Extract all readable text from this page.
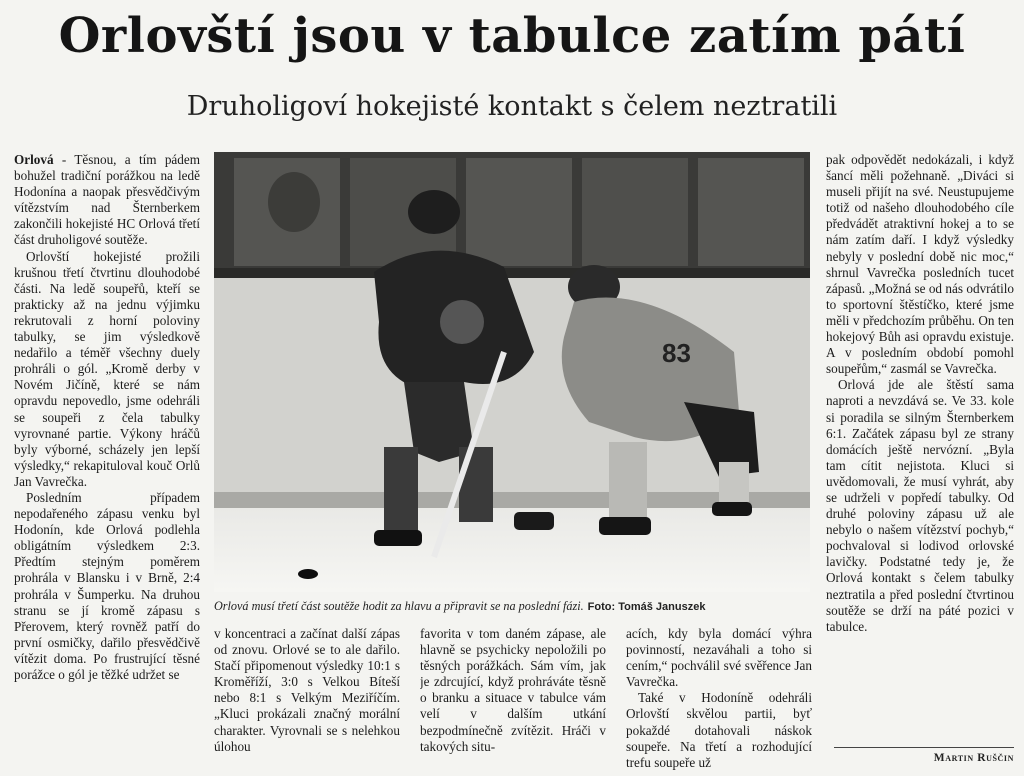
Orlovští jsou v tabulce zatím pátí
Druholigoví hokejisté kontakt s čelem neztratili

Orlová - Těsnou, a tím pádem bohužel tradiční porážkou na ledě Hodonína a naopak přesvědčivým vítězstvím nad Šternberkem zakončili hokejisté HC Orlová třetí část druholigové soutěže.

Orlovští hokejisté prožili krušnou třetí čtvrtinu dlouhodobé části. Na ledě soupeřů, kteří se prakticky až na jednu výjimku rekrutovali z horní poloviny tabulky, se jim výsledkově nedařilo a téměř všechny duely prohráli o gól. „Kromě derby v Novém Jičíně, které se nám opravdu nepovedlo, jsme odehráli se soupeři z čela tabulky vyrovnané partie. Výkony hráčů byly výborné, scházely jen lepší výsledky,“ rekapituloval kouč Orlů Jan Vavrečka.

Posledním případem nepodařeného zápasu venku byl Hodonín, kde Orlová podlehla obligátním výsledkem 2:3. Předtím stejným poměrem prohrála v Blansku i v Brně, 2:4 prohrála v Šumperku. Na druhou stranu se jí kromě zápasu s Přerovem, který rovněž patří do první osmičky, dařilo přesvědčivě vítězit doma. Po frustrující těsné porážce o gól je těžké udržet se

83
Orlová musí třetí část soutěže hodit za hlavu a připravit se na poslední fázi. Foto: Tomáš Januszek

v koncentraci a začínat další zápas od znovu. Orlové se to ale dařilo. Stačí připomenout výsledky 10:1 s Kroměříží, 3:0 s Velkou Bíteší nebo 8:1 s Velkým Meziříčím. „Kluci prokázali značný morální charakter. Vyrovnali se s nelehkou úlohou

favorita v tom daném zápase, ale hlavně se psychicky nepoložili po těsných porážkách. Sám vím, jak je zdrcující, když prohráváte těsně o branku a situace v tabulce vám velí v dalším utkání bezpodmínečně zvítězit. Hráči v takových situ-

acích, kdy byla domácí výhra povinností, nezaváhali a toho si cením,“ pochválil své svěřence Jan Vavrečka.

Také v Hodoníně odehráli Orlovští skvělou partii, byť pokaždé dotahovali náskok soupeře. Na třetí a rozhodující trefu soupeře už

pak odpovědět nedokázali, i když šancí měli požehnaně. „Diváci si museli přijít na své. Neustupujeme totiž od našeho dlouhodobého cíle předvádět atraktivní hokej a to se nám zatím daří. I když výsledky nebyly v poslední době nic moc,“ shrnul Vavrečka posledních tucet zápasů. „Možná se od nás odvrátilo to sportovní štěstíčko, které jsme měli v předchozím průběhu. On ten hokejový Bůh asi opravdu existuje. A v posledním období pomohl soupeřům,“ zasmál se Vavrečka.

Orlová jde ale štěstí sama naproti a nevzdává se. Ve 33. kole si poradila se silným Šternberkem 6:1. Začátek zápasu byl ze strany domácích ještě nervózní. „Byla tam cítit nejistota. Kluci si uvědomovali, že musí vyhrát, aby se udrželi v popředí tabulky. Od druhé poloviny zápasu už ale nebylo o našem vítězství pochyb,“ pochvaloval si lodivod orlovské lavičky. Podstatné tedy je, že Orlová kontakt s čelem tabulky neztratila a před poslední čtvrtinou soutěže se drží na páté pozici v tabulce.

Martin Ruščin
